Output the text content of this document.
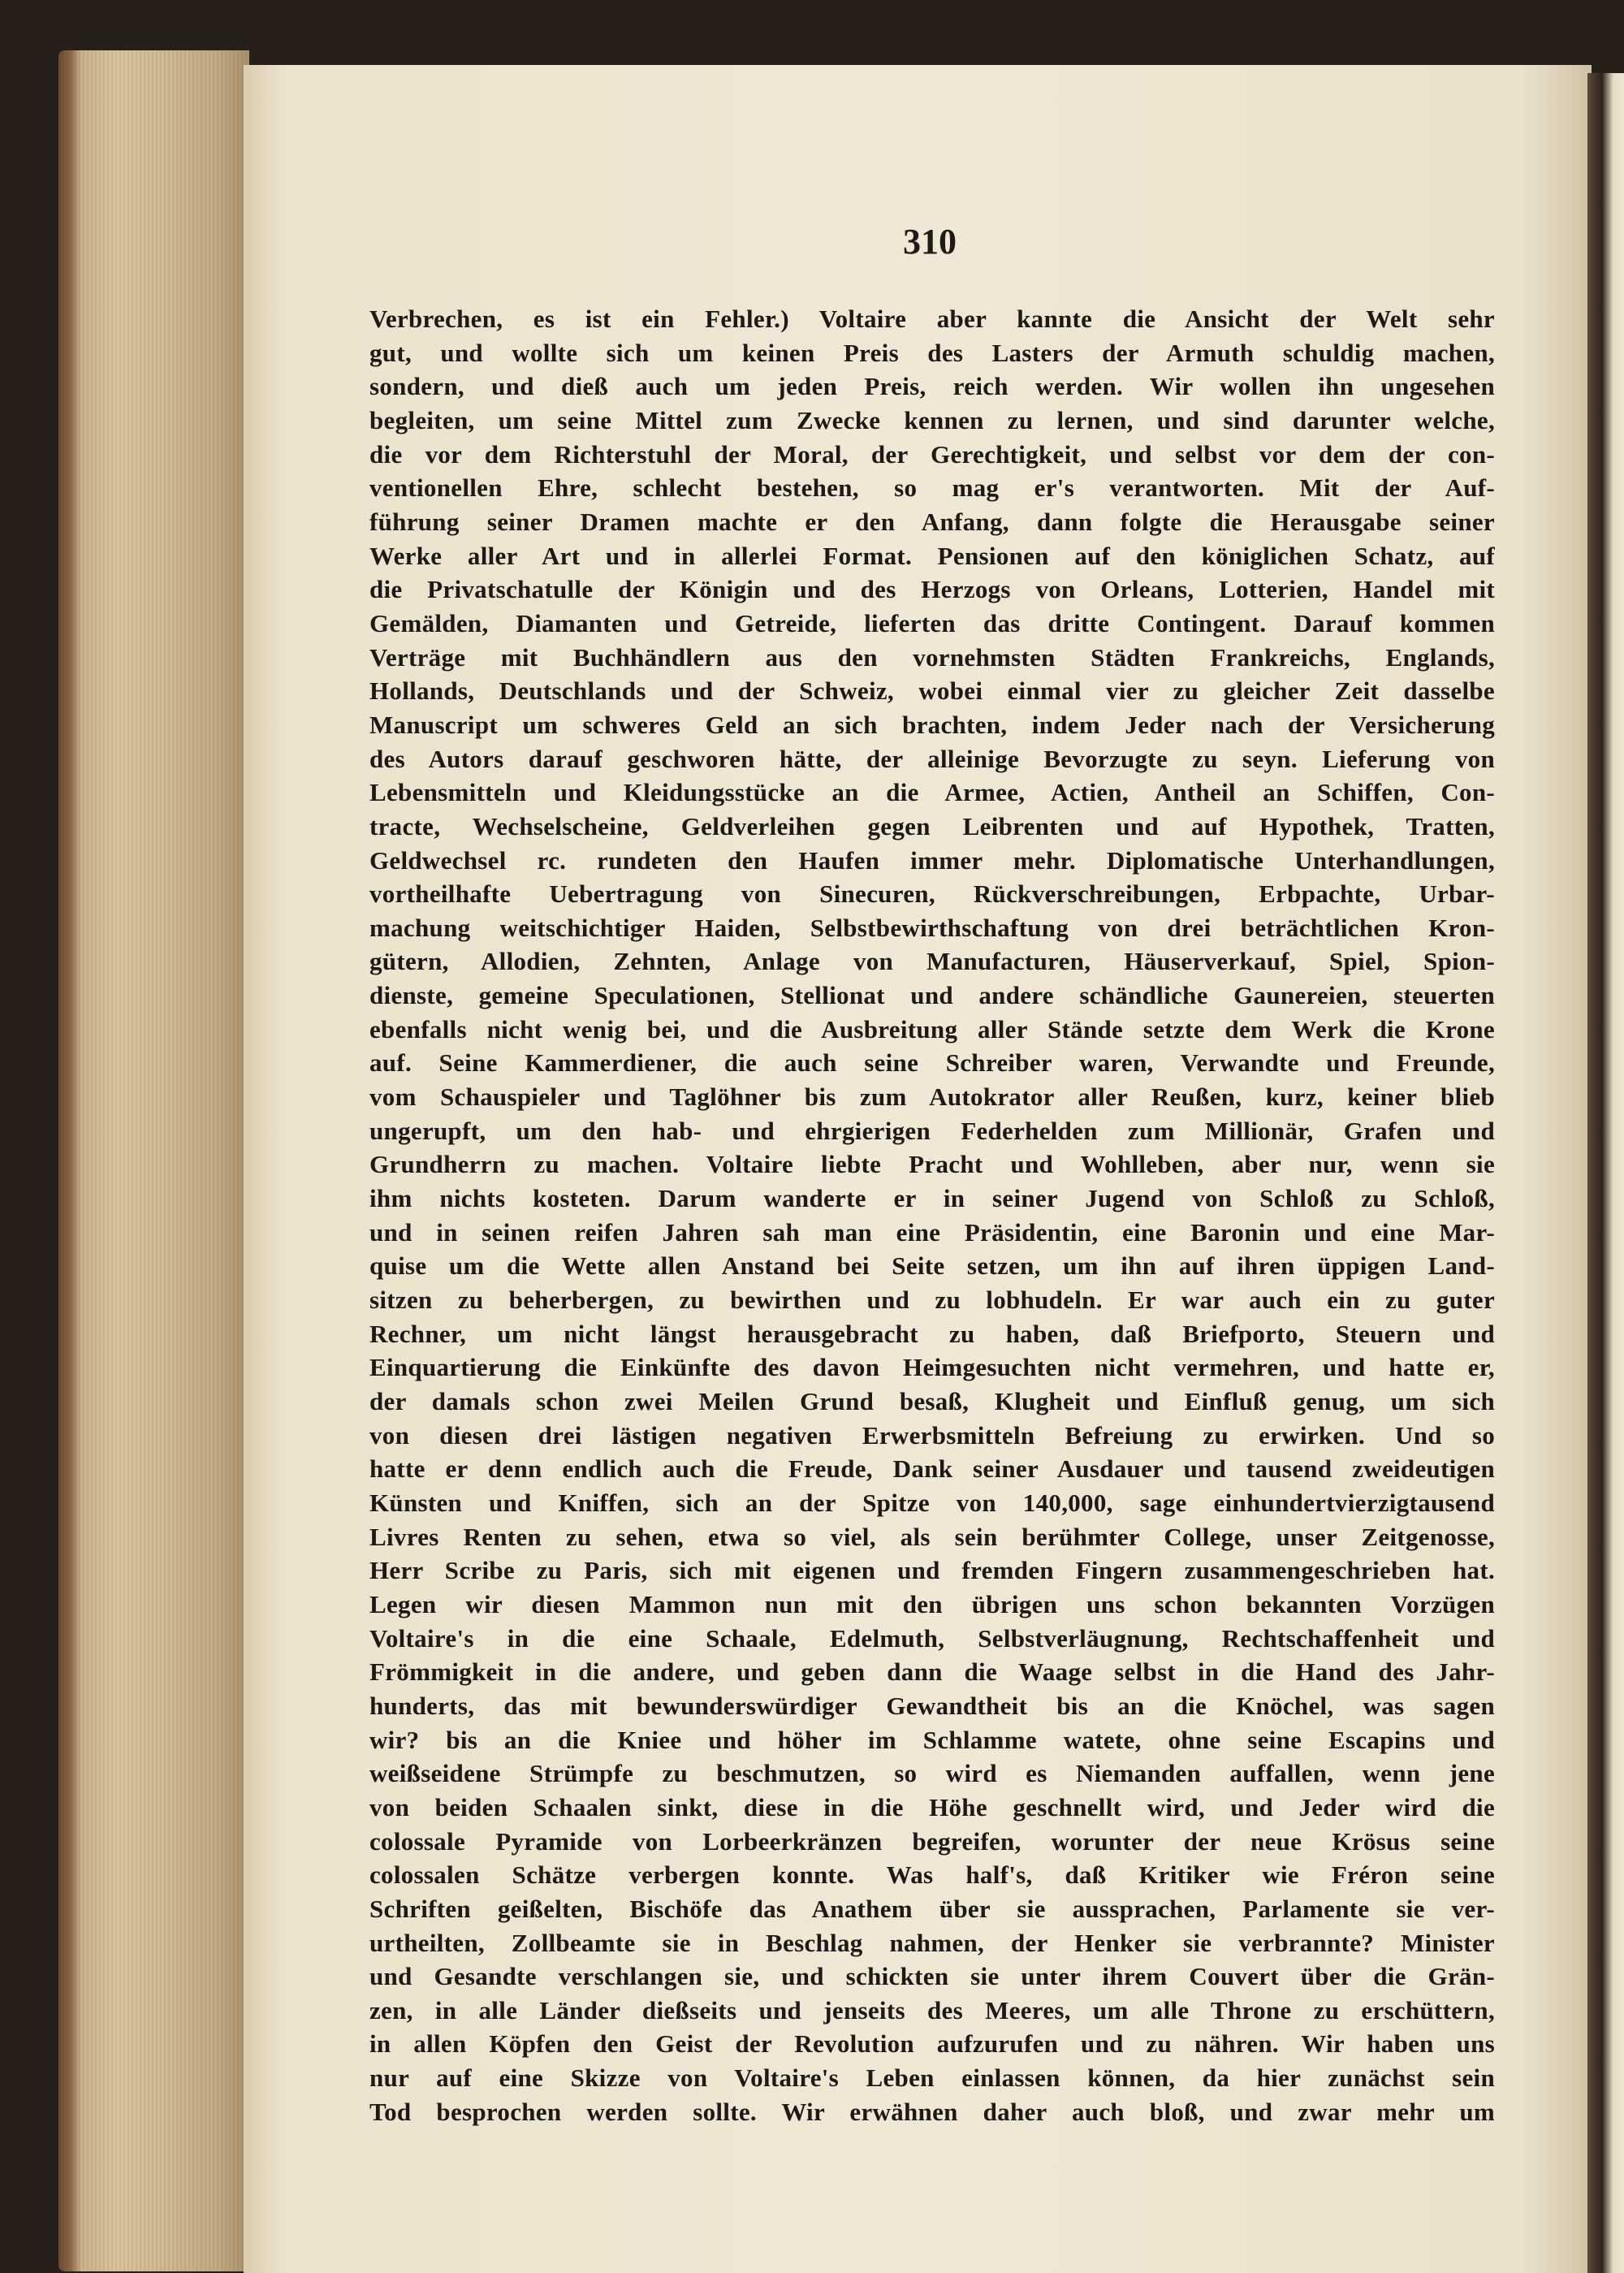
310
Verbrechen, es ist ein Fehler.) Voltaire aber kannte die Ansicht der Welt sehr
gut, und wollte sich um keinen Preis des Lasters der Armuth schuldig machen,
sondern, und dieß auch um jeden Preis, reich werden. Wir wollen ihn ungesehen
begleiten, um seine Mittel zum Zwecke kennen zu lernen, und sind darunter welche,
die vor dem Richterstuhl der Moral, der Gerechtigkeit, und selbst vor dem der con-
ventionellen Ehre, schlecht bestehen, so mag er's verantworten. Mit der Auf-
führung seiner Dramen machte er den Anfang, dann folgte die Herausgabe seiner
Werke aller Art und in allerlei Format. Pensionen auf den königlichen Schatz, auf
die Privatschatulle der Königin und des Herzogs von Orleans, Lotterien, Handel mit
Gemälden, Diamanten und Getreide, lieferten das dritte Contingent. Darauf kommen
Verträge mit Buchhändlern aus den vornehmsten Städten Frankreichs, Englands,
Hollands, Deutschlands und der Schweiz, wobei einmal vier zu gleicher Zeit dasselbe
Manuscript um schweres Geld an sich brachten, indem Jeder nach der Versicherung
des Autors darauf geschworen hätte, der alleinige Bevorzugte zu seyn. Lieferung von
Lebensmitteln und Kleidungsstücke an die Armee, Actien, Antheil an Schiffen, Con-
tracte, Wechselscheine, Geldverleihen gegen Leibrenten und auf Hypothek, Tratten,
Geldwechsel rc. rundeten den Haufen immer mehr. Diplomatische Unterhandlungen,
vortheilhafte Uebertragung von Sinecuren, Rückverschreibungen, Erbpachte, Urbar-
machung weitschichtiger Haiden, Selbstbewirthschaftung von drei beträchtlichen Kron-
gütern, Allodien, Zehnten, Anlage von Manufacturen, Häuserverkauf, Spiel, Spion-
dienste, gemeine Speculationen, Stellionat und andere schändliche Gaunereien, steuerten
ebenfalls nicht wenig bei, und die Ausbreitung aller Stände setzte dem Werk die Krone
auf. Seine Kammerdiener, die auch seine Schreiber waren, Verwandte und Freunde,
vom Schauspieler und Taglöhner bis zum Autokrator aller Reußen, kurz, keiner blieb
ungerupft, um den hab- und ehrgierigen Federhelden zum Millionär, Grafen und
Grundherrn zu machen. Voltaire liebte Pracht und Wohlleben, aber nur, wenn sie
ihm nichts kosteten. Darum wanderte er in seiner Jugend von Schloß zu Schloß,
und in seinen reifen Jahren sah man eine Präsidentin, eine Baronin und eine Mar-
quise um die Wette allen Anstand bei Seite setzen, um ihn auf ihren üppigen Land-
sitzen zu beherbergen, zu bewirthen und zu lobhudeln. Er war auch ein zu guter
Rechner, um nicht längst herausgebracht zu haben, daß Briefporto, Steuern und
Einquartierung die Einkünfte des davon Heimgesuchten nicht vermehren, und hatte er,
der damals schon zwei Meilen Grund besaß, Klugheit und Einfluß genug, um sich
von diesen drei lästigen negativen Erwerbsmitteln Befreiung zu erwirken. Und so
hatte er denn endlich auch die Freude, Dank seiner Ausdauer und tausend zweideutigen
Künsten und Kniffen, sich an der Spitze von 140,000, sage einhundertvierzigtausend
Livres Renten zu sehen, etwa so viel, als sein berühmter College, unser Zeitgenosse,
Herr Scribe zu Paris, sich mit eigenen und fremden Fingern zusammengeschrieben hat.
Legen wir diesen Mammon nun mit den übrigen uns schon bekannten Vorzügen
Voltaire's in die eine Schaale, Edelmuth, Selbstverläugnung, Rechtschaffenheit und
Frömmigkeit in die andere, und geben dann die Waage selbst in die Hand des Jahr-
hunderts, das mit bewunderswürdiger Gewandtheit bis an die Knöchel, was sagen
wir? bis an die Kniee und höher im Schlamme watete, ohne seine Escapins und
weißseidene Strümpfe zu beschmutzen, so wird es Niemanden auffallen, wenn jene
von beiden Schaalen sinkt, diese in die Höhe geschnellt wird, und Jeder wird die
colossale Pyramide von Lorbeerkränzen begreifen, worunter der neue Krösus seine
colossalen Schätze verbergen konnte. Was half's, daß Kritiker wie Fréron seine
Schriften geißelten, Bischöfe das Anathem über sie aussprachen, Parlamente sie ver-
urtheilten, Zollbeamte sie in Beschlag nahmen, der Henker sie verbrannte? Minister
und Gesandte verschlangen sie, und schickten sie unter ihrem Couvert über die Grän-
zen, in alle Länder dießseits und jenseits des Meeres, um alle Throne zu erschüttern,
in allen Köpfen den Geist der Revolution aufzurufen und zu nähren. Wir haben uns
nur auf eine Skizze von Voltaire's Leben einlassen können, da hier zunächst sein
Tod besprochen werden sollte. Wir erwähnen daher auch bloß, und zwar mehr um
